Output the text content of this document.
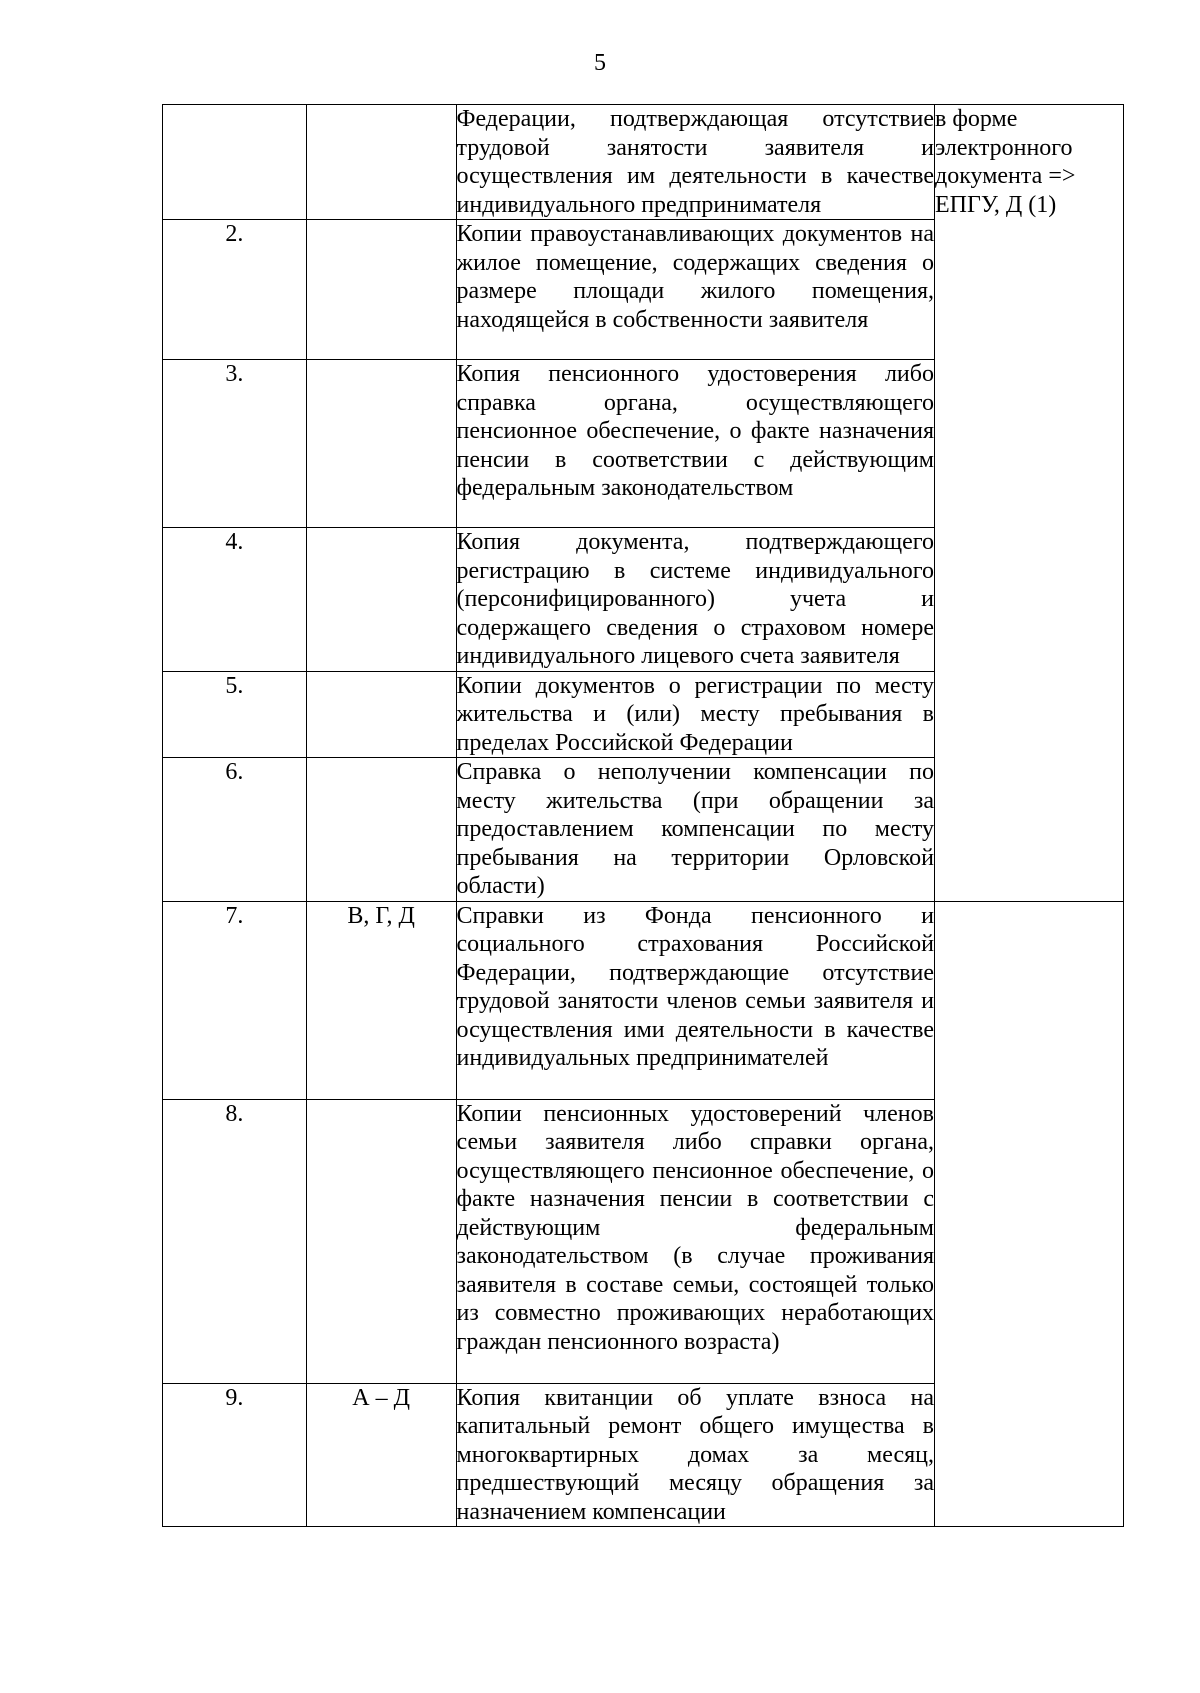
5
		Федерации, подтверждающая отсутствие трудовой занятости заявителя и осуществления им деятельности в качестве индивидуального предпринимателя	в форме электронного документа => ЕПГУ, Д (1)
2.		Копии правоустанавливающих документов на жилое помещение, содержащих сведения о размере площади жилого помещения, находящейся в собственности заявителя	
3.		Копия пенсионного удостоверения либо справка органа, осуществляющего пенсионное обеспечение, о факте назначения пенсии в соответствии с действующим федеральным законодательством	
4.		Копия документа, подтверждающего регистрацию в системе индивидуального (персонифицированного) учета и содержащего сведения о страховом номере индивидуального лицевого счета заявителя	
5.		Копии документов о регистрации по месту жительства и (или) месту пребывания в пределах Российской Федерации	
6.		Справка о неполучении компенсации по месту жительства (при обращении за предоставлением компенсации по месту пребывания на территории Орловской области)	
7.	В, Г, Д	Справки из Фонда пенсионного и социального страхования Российской Федерации, подтверждающие отсутствие трудовой занятости членов семьи заявителя и осуществления ими деятельности в качестве индивидуальных предпринимателей	
8.		Копии пенсионных удостоверений членов семьи заявителя либо справки органа, осуществляющего пенсионное обеспечение, о факте назначения пенсии в соответствии с действующим федеральным законодательством (в случае проживания заявителя в составе семьи, состоящей только из совместно проживающих неработающих граждан пенсионного возраста)	
9.	А – Д	Копия квитанции об уплате взноса на капитальный ремонт общего имущества в многоквартирных домах за месяц, предшествующий месяцу обращения за назначением компенсации	
